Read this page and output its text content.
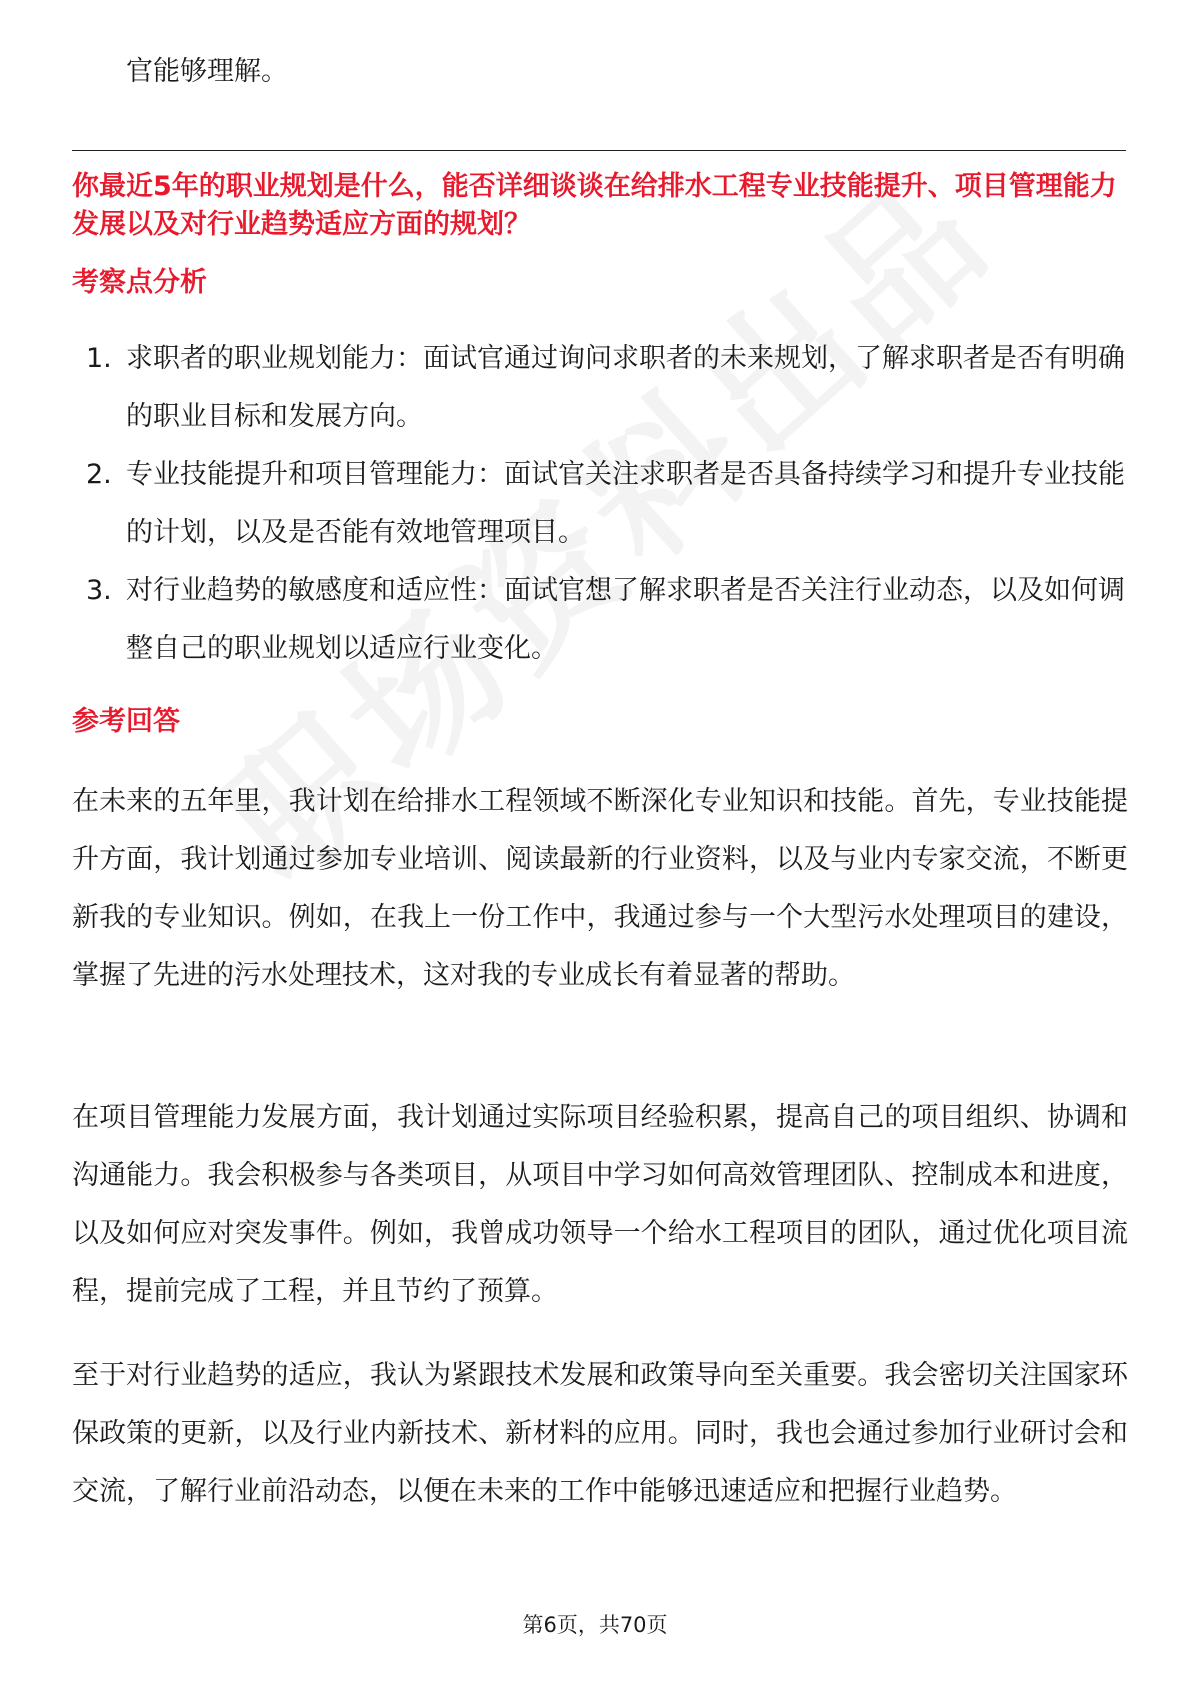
官能够理解。

你最近5年的职业规划是什么，能否详细谈谈在给排水工程专业技能提升、项目管理能力发展以及对行业趋势适应方面的规划？

考察点分析
1. 求职者的职业规划能力：面试官通过询问求职者的未来规划，了解求职者是否有明确的职业目标和发展方向。
2. 专业技能提升和项目管理能力：面试官关注求职者是否具备持续学习和提升专业技能的计划，以及是否能有效地管理项目。
3. 对行业趋势的敏感度和适应性：面试官想了解求职者是否关注行业动态，以及如何调整自己的职业规划以适应行业变化。
参考回答

在未来的五年里，我计划在给排水工程领域不断深化专业知识和技能。首先，专业技能提升方面，我计划通过参加专业培训、阅读最新的行业资料，以及与业内专家交流，不断更新我的专业知识。例如，在我上一份工作中，我通过参与一个大型污水处理项目的建设，掌握了先进的污水处理技术，这对我的专业成长有着显著的帮助。

在项目管理能力发展方面，我计划通过实际项目经验积累，提高自己的项目组织、协调和沟通能力。我会积极参与各类项目，从项目中学习如何高效管理团队、控制成本和进度，以及如何应对突发事件。例如，我曾成功领导一个给水工程项目的团队，通过优化项目流程，提前完成了工程，并且节约了预算。

至于对行业趋势的适应，我认为紧跟技术发展和政策导向至关重要。我会密切关注国家环保政策的更新，以及行业内新技术、新材料的应用。同时，我也会通过参加行业研讨会和交流，了解行业前沿动态，以便在未来的工作中能够迅速适应和把握行业趋势。

第6页，共70页
